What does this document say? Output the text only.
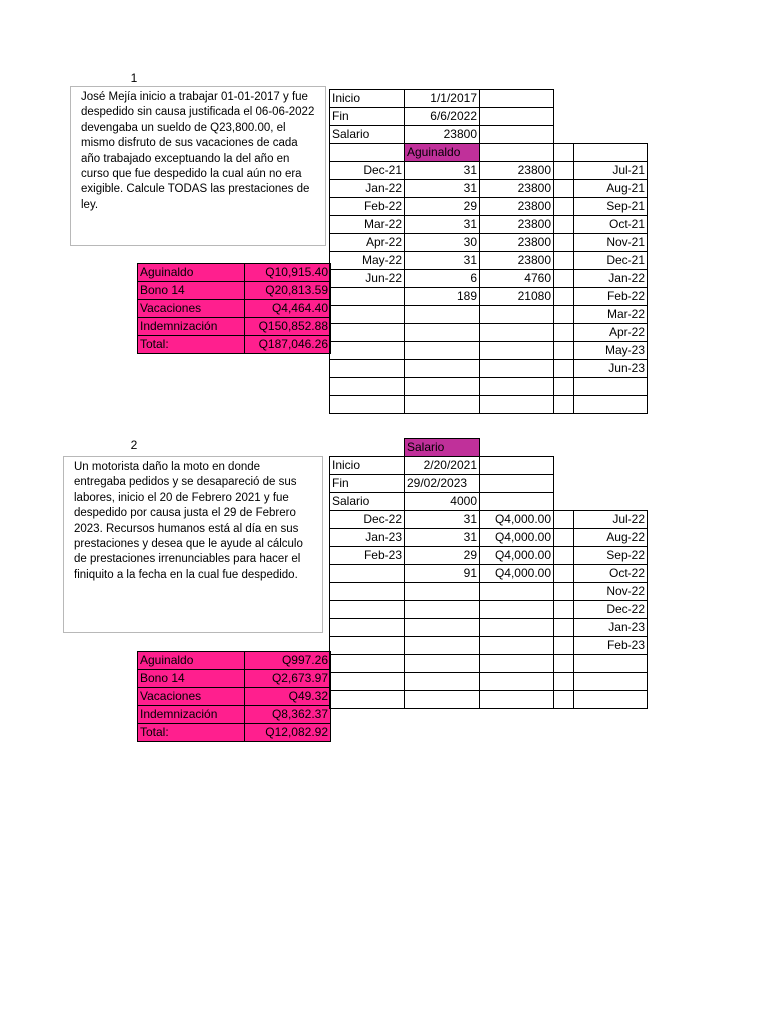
1
José Mejía inicio a trabajar 01-01-2017 y fue despedido sin causa justificada el 06-06-2022 devengaba un sueldo de Q23,800.00, el mismo disfruto de sus vacaciones de cada año trabajado exceptuando la del año en curso que fue despedido la cual aún no era exigible. Calcule TODAS las prestaciones de ley.
Aguinaldo	Q10,915.40
Bono 14	Q20,813.59
Vacaciones	Q4,464.40
Indemnización	Q150,852.88
Total:	Q187,046.26
Inicio	1/1/2017			
Fin	6/6/2022			
Salario	23800			
	Aguinaldo			
Dec-21	31	23800		Jul-21
Jan-22	31	23800		Aug-21
Feb-22	29	23800		Sep-21
Mar-22	31	23800		Oct-21
Apr-22	30	23800		Nov-21
May-22	31	23800		Dec-21
Jun-22	6	4760		Jan-22
	189	21080		Feb-22
				Mar-22
				Apr-22
				May-23
				Jun-23

2
Un motorista daño la moto en donde entregaba pedidos y se desapareció de sus labores, inicio el 20 de Febrero 2021 y fue despedido por causa justa el 29 de Febrero 2023. Recursos humanos está al día en sus prestaciones y desea que le ayude al cálculo de prestaciones irrenunciables para hacer el finiquito a la fecha en la cual fue despedido.
Aguinaldo	Q997.26
Bono 14	Q2,673.97
Vacaciones	Q49.32
Indemnización	Q8,362.37
Total:	Q12,082.92
	Salario			
Inicio	2/20/2021			
Fin	29/02/2023			
Salario	4000			
Dec-22	31	Q4,000.00		Jul-22
Jan-23	31	Q4,000.00		Aug-22
Feb-23	29	Q4,000.00		Sep-22
	91	Q4,000.00		Oct-22
				Nov-22
				Dec-22
				Jan-23
				Feb-23
